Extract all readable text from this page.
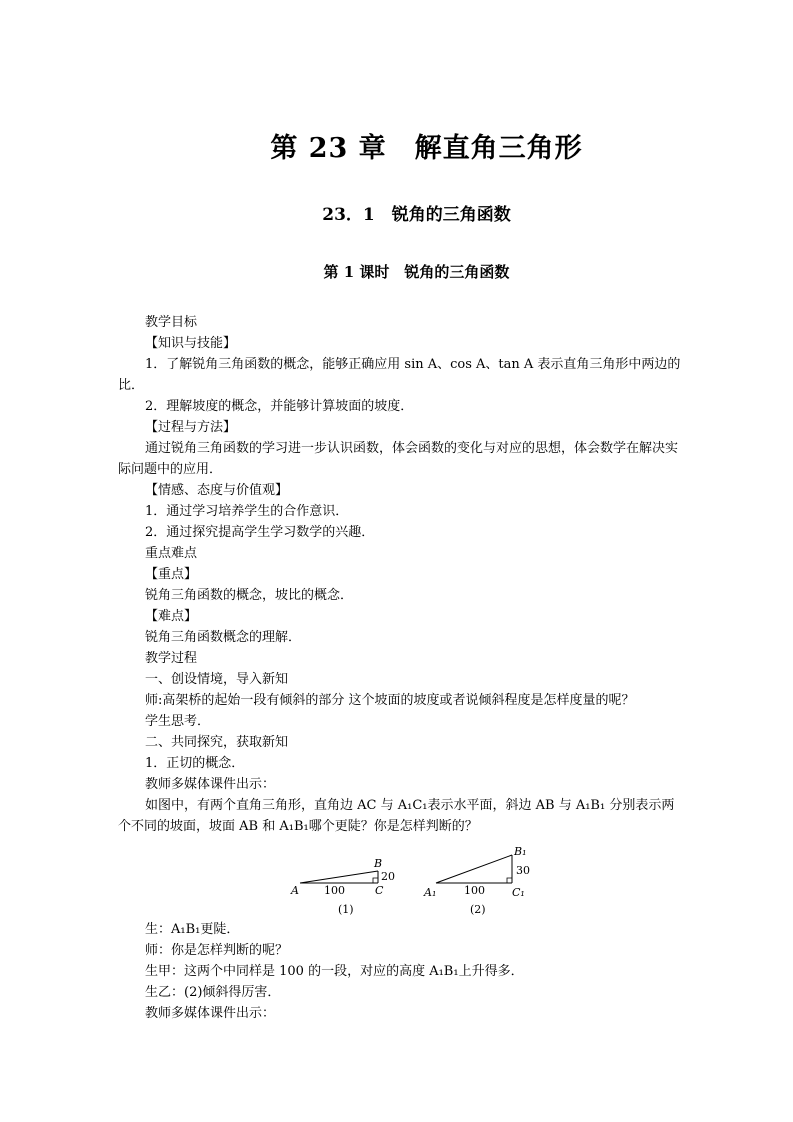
第 23 章　解直角三角形
23．1　锐角的三角函数
第 1 课时　锐角的三角函数

教学目标

【知识与技能】

1．了解锐角三角函数的概念，能够正确应用 sin A、cos A、tan A 表示直角三角形中两边的比．

2．理解坡度的概念，并能够计算坡面的坡度．

【过程与方法】

通过锐角三角函数的学习进一步认识函数，体会函数的变化与对应的思想，体会数学在解决实际问题中的应用．

【情感、态度与价值观】

1．通过学习培养学生的合作意识．

2．通过探究提高学生学习数学的兴趣．

重点难点

【重点】

锐角三角函数的概念，坡比的概念．

【难点】

锐角三角函数概念的理解．

教学过程

一、创设情境，导入新知

师:高架桥的起始一段有倾斜的部分 这个坡面的坡度或者说倾斜程度是怎样度量的呢？

学生思考．

二、共同探究，获取新知

1．正切的概念．

教师多媒体课件出示：

如图中，有两个直角三角形，直角边 AC 与 A₁C₁表示水平面，斜边 AB 与 A₁B₁ 分别表示两个不同的坡面，坡面 AB 和 A₁B₁哪个更陡？你是怎样判断的？

A
B
C
100
20
(1)
A₁
B₁
C₁
100
30
(2)

生：A₁B₁更陡．

师：你是怎样判断的呢？

生甲：这两个中同样是 100 的一段，对应的高度 A₁B₁上升得多．

生乙：(2)倾斜得厉害．

教师多媒体课件出示：
